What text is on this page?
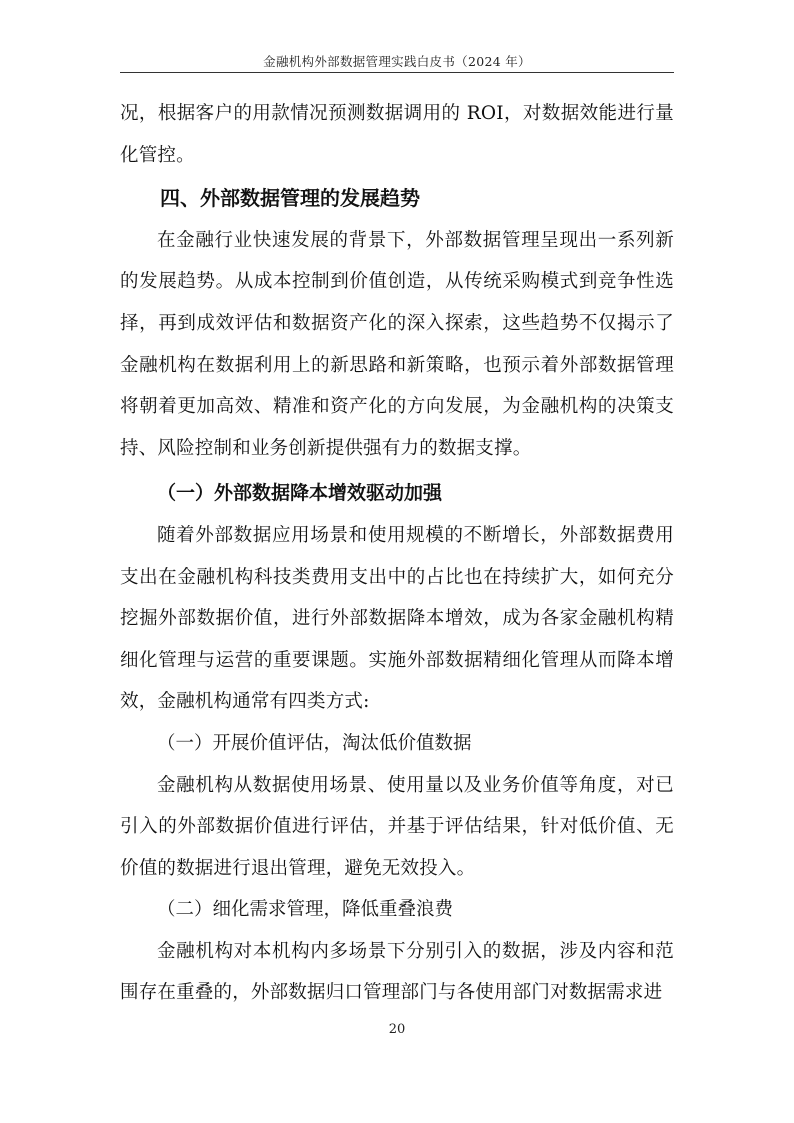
金融机构外部数据管理实践白皮书（2024 年）

况，根据客户的用款情况预测数据调用的 ROI，对数据效能进行量化管控。

四、外部数据管理的发展趋势

在金融行业快速发展的背景下，外部数据管理呈现出一系列新的发展趋势。从成本控制到价值创造，从传统采购模式到竞争性选择，再到成效评估和数据资产化的深入探索，这些趋势不仅揭示了金融机构在数据利用上的新思路和新策略，也预示着外部数据管理将朝着更加高效、精准和资产化的方向发展，为金融机构的决策支持、风险控制和业务创新提供强有力的数据支撑。

（一）外部数据降本增效驱动加强

随着外部数据应用场景和使用规模的不断增长，外部数据费用支出在金融机构科技类费用支出中的占比也在持续扩大，如何充分挖掘外部数据价值，进行外部数据降本增效，成为各家金融机构精细化管理与运营的重要课题。实施外部数据精细化管理从而降本增效，金融机构通常有四类方式:

（一）开展价值评估，淘汰低价值数据

金融机构从数据使用场景、使用量以及业务价值等角度，对已引入的外部数据价值进行评估，并基于评估结果，针对低价值、无价值的数据进行退出管理，避免无效投入。

（二）细化需求管理，降低重叠浪费

金融机构对本机构内多场景下分别引入的数据，涉及内容和范围存在重叠的，外部数据归口管理部门与各使用部门对数据需求进

20
